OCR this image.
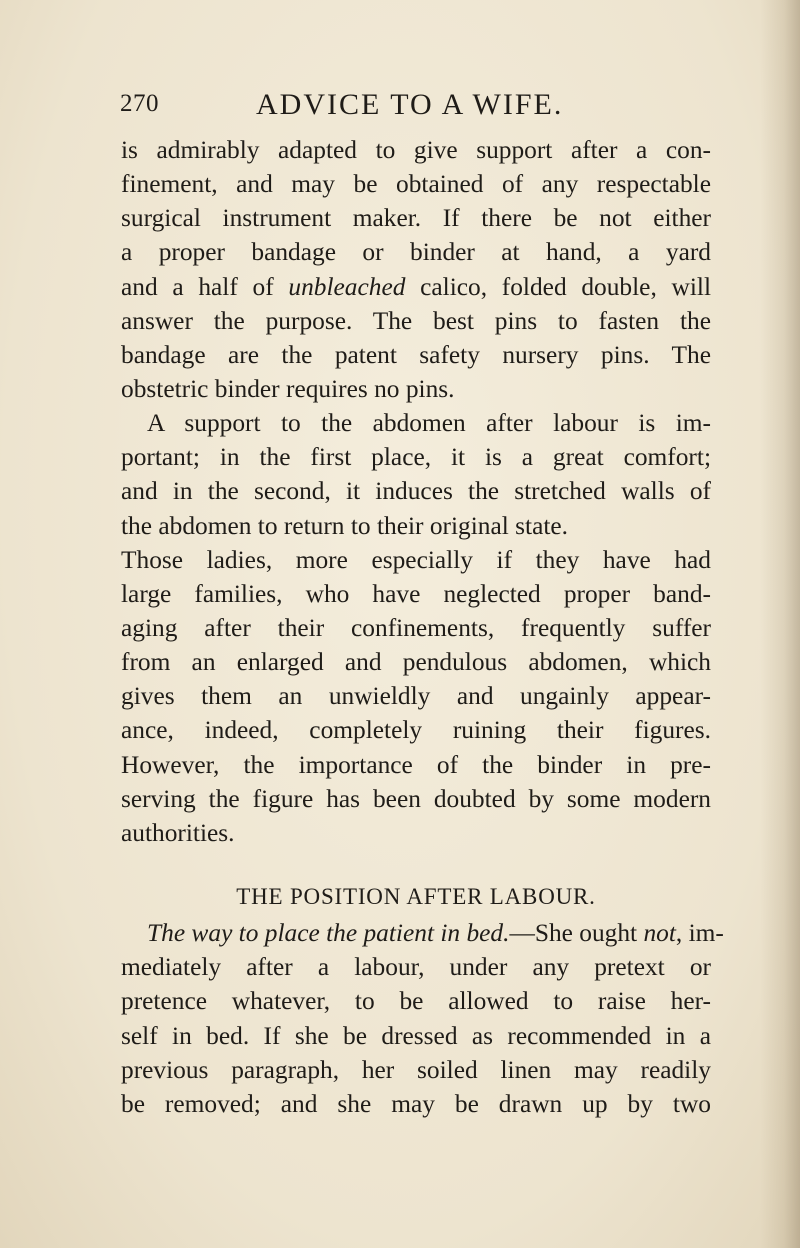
270	ADVICE TO A WIFE.
is admirably adapted to give support after a con-
finement, and may be obtained of any respectable
surgical instrument maker. If there be not either
a proper bandage or binder at hand, a yard
and a half of unbleached calico, folded double, will
answer the purpose. The best pins to fasten the
bandage are the patent safety nursery pins. The
obstetric binder requires no pins.
A support to the abdomen after labour is im-
portant; in the first place, it is a great comfort;
and in the second, it induces the stretched walls of
the abdomen to return to their original state.
Those ladies, more especially if they have had
large families, who have neglected proper band-
aging after their confinements, frequently suffer
from an enlarged and pendulous abdomen, which
gives them an unwieldly and ungainly appear-
ance, indeed, completely ruining their figures.
However, the importance of the binder in pre-
serving the figure has been doubted by some modern
authorities.
THE POSITION AFTER LABOUR.
The way to place the patient in bed.—She ought not, im-
mediately after a labour, under any pretext or
pretence whatever, to be allowed to raise her-
self in bed. If she be dressed as recommended in a
previous paragraph, her soiled linen may readily
be removed; and she may be drawn up by two
